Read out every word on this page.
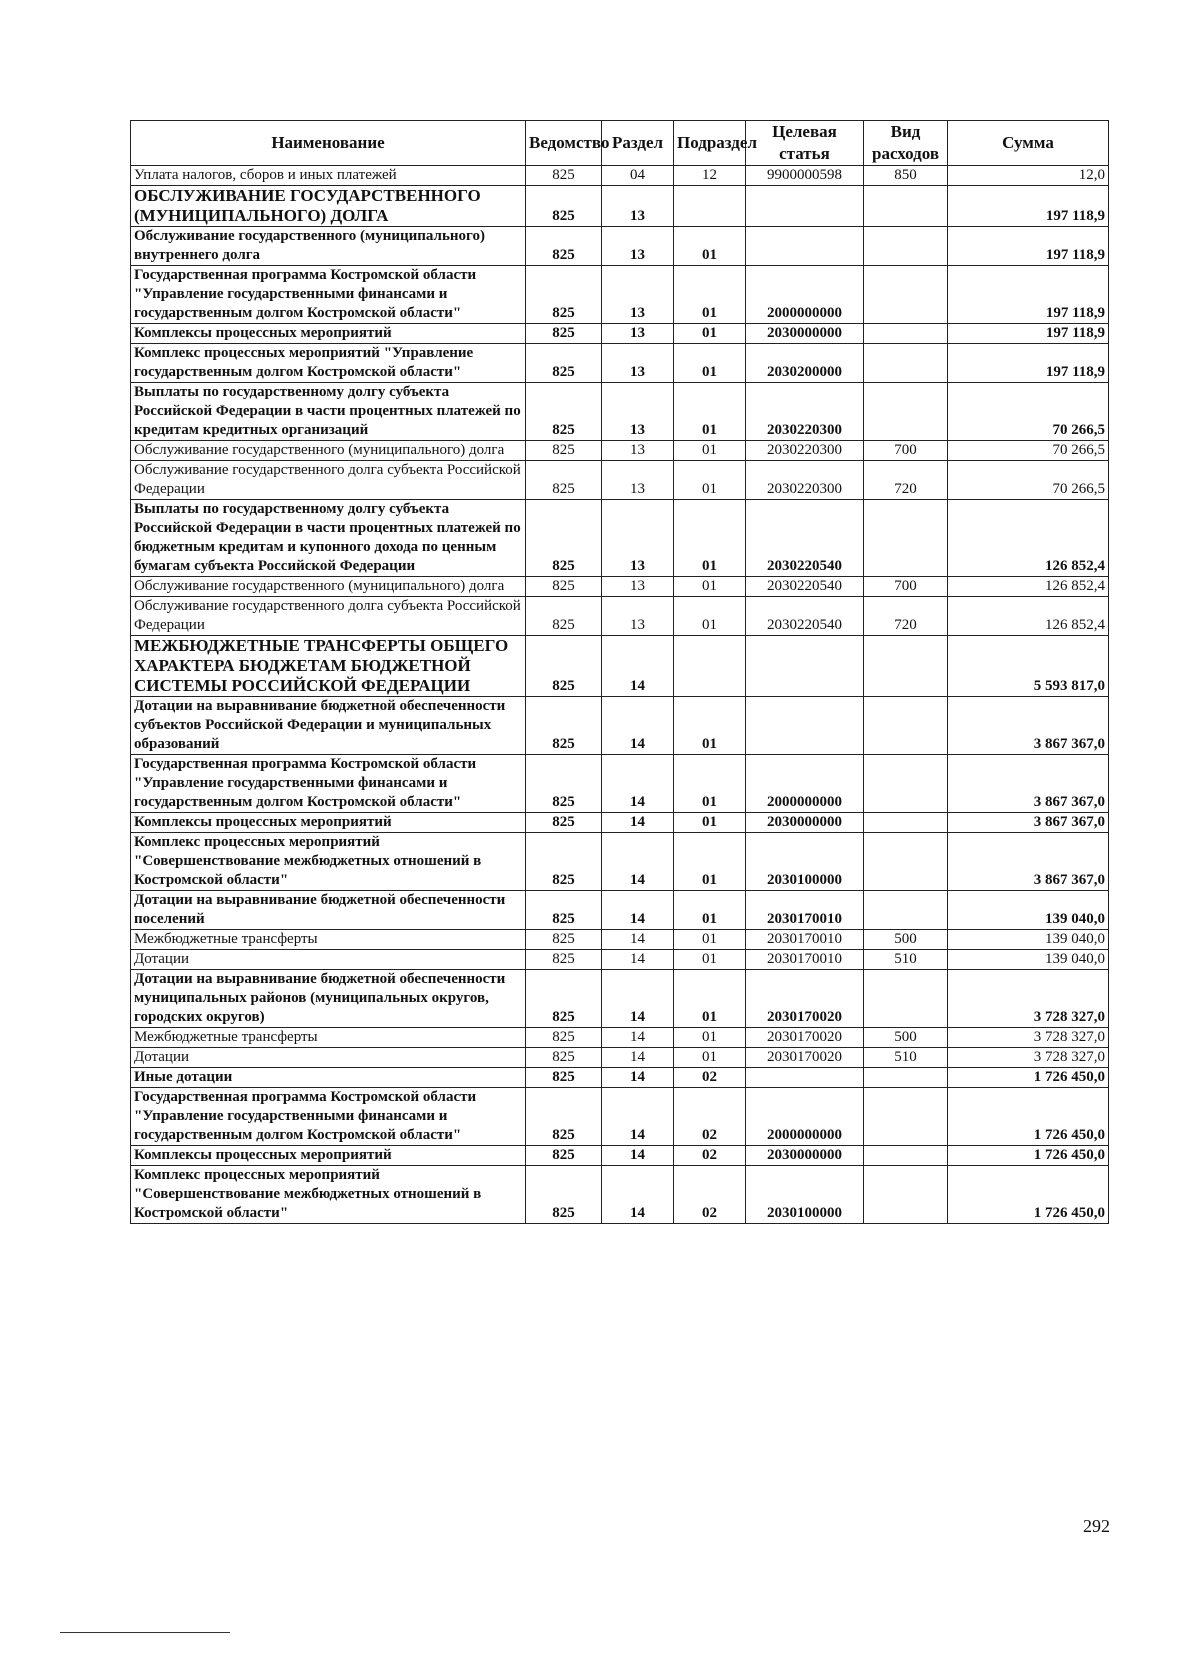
Наименование	Ведомство	Раздел	Подраздел	Целевая статья	Вид расходов	Сумма
Уплата налогов, сборов и иных платежей	825	04	12	9900000598	850	12,0
ОБСЛУЖИВАНИЕ ГОСУДАРСТВЕННОГО (МУНИЦИПАЛЬНОГО) ДОЛГА	825	13				197 118,9
Обслуживание государственного (муниципального) внутреннего долга	825	13	01			197 118,9
Государственная программа Костромской области "Управление государственными финансами и государственным долгом Костромской области"	825	13	01	2000000000		197 118,9
Комплексы процессных мероприятий	825	13	01	2030000000		197 118,9
Комплекс процессных мероприятий "Управление государственным долгом Костромской области"	825	13	01	2030200000		197 118,9
Выплаты по государственному долгу субъекта Российской Федерации в части процентных платежей по кредитам кредитных организаций	825	13	01	2030220300		70 266,5
Обслуживание государственного (муниципального) долга	825	13	01	2030220300	700	70 266,5
Обслуживание государственного долга субъекта Российской Федерации	825	13	01	2030220300	720	70 266,5
Выплаты по государственному долгу субъекта Российской Федерации в части процентных платежей по бюджетным кредитам и купонного дохода по ценным бумагам субъекта Российской Федерации	825	13	01	2030220540		126 852,4
Обслуживание государственного (муниципального) долга	825	13	01	2030220540	700	126 852,4
Обслуживание государственного долга субъекта Российской Федерации	825	13	01	2030220540	720	126 852,4
МЕЖБЮДЖЕТНЫЕ ТРАНСФЕРТЫ ОБЩЕГО ХАРАКТЕРА БЮДЖЕТАМ БЮДЖЕТНОЙ СИСТЕМЫ РОССИЙСКОЙ ФЕДЕРАЦИИ	825	14				5 593 817,0
Дотации на выравнивание бюджетной обеспеченности субъектов Российской Федерации и муниципальных образований	825	14	01			3 867 367,0
Государственная программа Костромской области "Управление государственными финансами и государственным долгом Костромской области"	825	14	01	2000000000		3 867 367,0
Комплексы процессных мероприятий	825	14	01	2030000000		3 867 367,0
Комплекс процессных мероприятий "Совершенствование межбюджетных отношений в Костромской области"	825	14	01	2030100000		3 867 367,0
Дотации на выравнивание бюджетной обеспеченности поселений	825	14	01	2030170010		139 040,0
Межбюджетные трансферты	825	14	01	2030170010	500	139 040,0
Дотации	825	14	01	2030170010	510	139 040,0
Дотации на выравнивание бюджетной обеспеченности муниципальных районов (муниципальных округов, городских округов)	825	14	01	2030170020		3 728 327,0
Межбюджетные трансферты	825	14	01	2030170020	500	3 728 327,0
Дотации	825	14	01	2030170020	510	3 728 327,0
Иные дотации	825	14	02			1 726 450,0
Государственная программа Костромской области "Управление государственными финансами и государственным долгом Костромской области"	825	14	02	2000000000		1 726 450,0
Комплексы процессных мероприятий	825	14	02	2030000000		1 726 450,0
Комплекс процессных мероприятий "Совершенствование межбюджетных отношений в Костромской области"	825	14	02	2030100000		1 726 450,0
292
